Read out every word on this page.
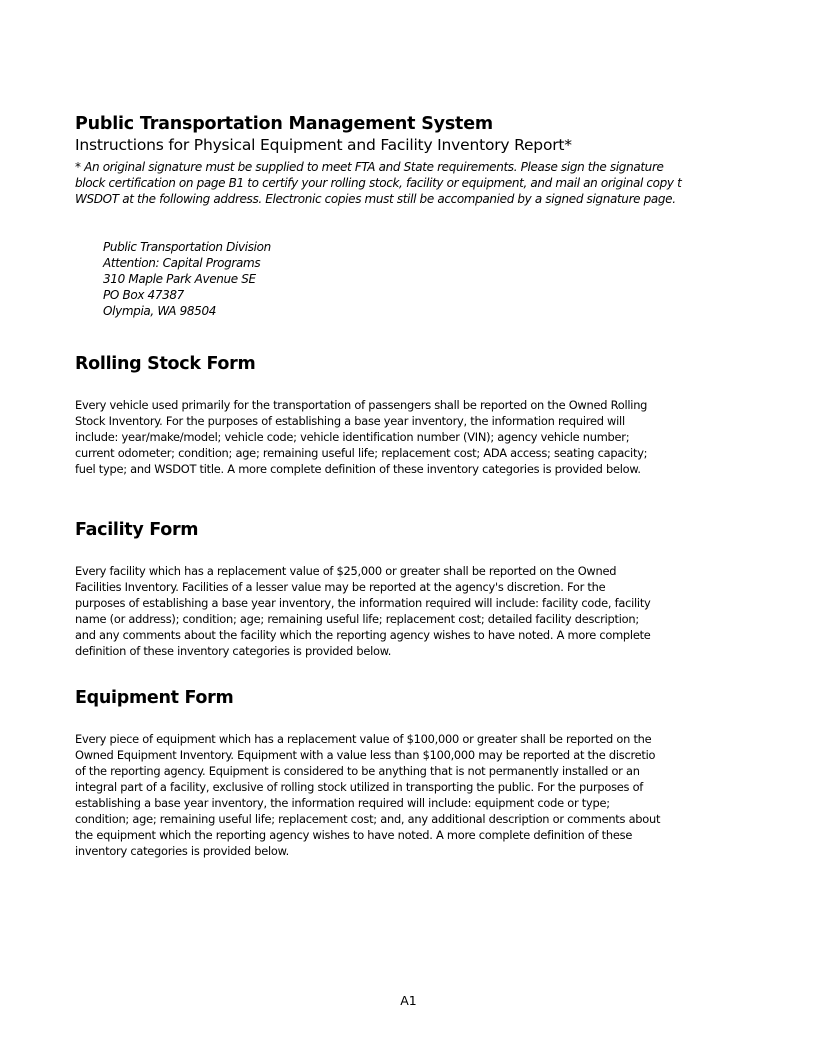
Public Transportation Management System
Instructions for Physical Equipment and Facility Inventory Report*
* An original signature must be supplied to meet FTA and State requirements. Please sign the signature
block certification on page B1 to certify your rolling stock, facility or equipment, and mail an original copy t
WSDOT at the following address. Electronic copies must still be accompanied by a signed signature page.
Public Transportation Division
Attention: Capital Programs
310 Maple Park Avenue SE
PO Box 47387
Olympia, WA 98504
Rolling Stock Form
Every vehicle used primarily for the transportation of passengers shall be reported on the Owned Rolling
Stock Inventory. For the purposes of establishing a base year inventory, the information required will
include: year/make/model; vehicle code; vehicle identification number (VIN); agency vehicle number;
current odometer; condition; age; remaining useful life; replacement cost; ADA access; seating capacity;
fuel type; and WSDOT title. A more complete definition of these inventory categories is provided below.
Facility Form
Every facility which has a replacement value of $25,000 or greater shall be reported on the Owned
Facilities Inventory. Facilities of a lesser value may be reported at the agency's discretion. For the
purposes of establishing a base year inventory, the information required will include: facility code, facility
name (or address); condition; age; remaining useful life; replacement cost; detailed facility description;
and any comments about the facility which the reporting agency wishes to have noted. A more complete
definition of these inventory categories is provided below.
Equipment Form
Every piece of equipment which has a replacement value of $100,000 or greater shall be reported on the
Owned Equipment Inventory. Equipment with a value less than $100,000 may be reported at the discretio
of the reporting agency. Equipment is considered to be anything that is not permanently installed or an
integral part of a facility, exclusive of rolling stock utilized in transporting the public. For the purposes of
establishing a base year inventory, the information required will include: equipment code or type;
condition; age; remaining useful life; replacement cost; and, any additional description or comments about
the equipment which the reporting agency wishes to have noted. A more complete definition of these
inventory categories is provided below.
A1
